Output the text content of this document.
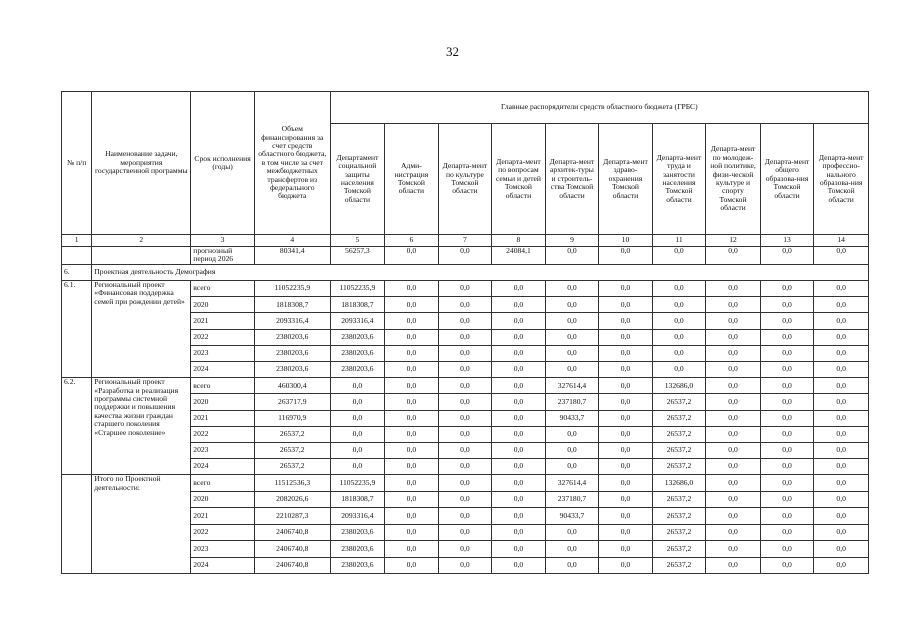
32
№ п/п	Наименование задачи, мероприятия государственной программы	Срок исполнения (годы)	Объем финансирования за счет средств областного бюджета, в том числе за счет межбюджетных трансфертов из федерального бюджета	Главные распорядители средств областного бюджета (ГРБС)									
				Департамент социальной защиты населения Томской области	Адми-нистрация Томской области	Департа-мент по культуре Томской области	Департа-мент по вопросам семьи и детей Томской области	Департа-мент архитек-туры и строитель-ства Томской области	Департа-мент здраво-охранения Томской области	Департа-мент труда и занятости населения Томской области	Департа-мент по молодеж-ной политике, физи-ческой культуре и спорту Томской области	Департа-мент общего образова-ния Томской области	Департа-мент профессио-нального образова-ния Томской области
1	2	3	4	5	6	7	8	9	10	11	12	13	14
		прогнозный период 2026	80341,4	56257,3	0,0	0,0	24084,1	0,0	0,0	0,0	0,0	0,0	0,0
6.	Проектная деятельность Демография												
6.1.	Региональный проект «Финансовая поддержка семей при рождении детей»	всего	11052235,9	11052235,9	0,0	0,0	0,0	0,0	0,0	0,0	0,0	0,0	0,0
		2020	1818308,7	1818308,7	0,0	0,0	0,0	0,0	0,0	0,0	0,0	0,0	0,0
		2021	2093316,4	2093316,4	0,0	0,0	0,0	0,0	0,0	0,0	0,0	0,0	0,0
		2022	2380203,6	2380203,6	0,0	0,0	0,0	0,0	0,0	0,0	0,0	0,0	0,0
		2023	2380203,6	2380203,6	0,0	0,0	0,0	0,0	0,0	0,0	0,0	0,0	0,0
		2024	2380203,6	2380203,6	0,0	0,0	0,0	0,0	0,0	0,0	0,0	0,0	0,0
6.2.	Региональный проект «Разработка и реализация программы системной поддержки и повышения качества жизни граждан старшего поколения «Старшее поколение»	всего	460300,4	0,0	0,0	0,0	0,0	327614,4	0,0	132686,0	0,0	0,0	0,0
		2020	263717,9	0,0	0,0	0,0	0,0	237180,7	0,0	26537,2	0,0	0,0	0,0
		2021	116970,9	0,0	0,0	0,0	0,0	90433,7	0,0	26537,2	0,0	0,0	0,0
		2022	26537,2	0,0	0,0	0,0	0,0	0,0	0,0	26537,2	0,0	0,0	0,0
		2023	26537,2	0,0	0,0	0,0	0,0	0,0	0,0	26537,2	0,0	0,0	0,0
		2024	26537,2	0,0	0,0	0,0	0,0	0,0	0,0	26537,2	0,0	0,0	0,0
	Итого по Проектной деятельности:	всего	11512536,3	11052235,9	0,0	0,0	0,0	327614,4	0,0	132686,0	0,0	0,0	0,0
		2020	2082026,6	1818308,7	0,0	0,0	0,0	237180,7	0,0	26537,2	0,0	0,0	0,0
		2021	2210287,3	2093316,4	0,0	0,0	0,0	90433,7	0,0	26537,2	0,0	0,0	0,0
		2022	2406740,8	2380203,6	0,0	0,0	0,0	0,0	0,0	26537,2	0,0	0,0	0,0
		2023	2406740,8	2380203,6	0,0	0,0	0,0	0,0	0,0	26537,2	0,0	0,0	0,0
		2024	2406740,8	2380203,6	0,0	0,0	0,0	0,0	0,0	26537,2	0,0	0,0	0,0
